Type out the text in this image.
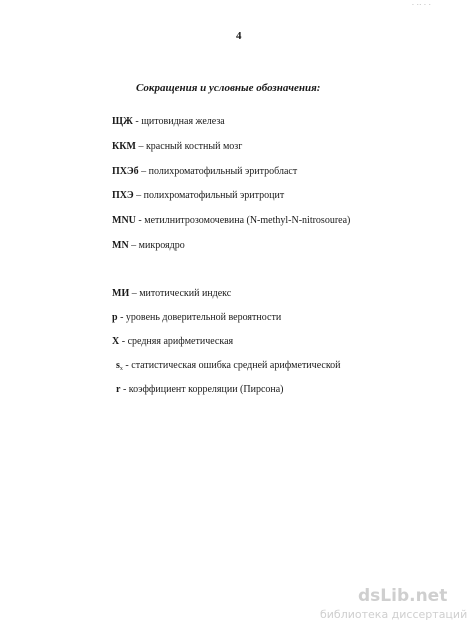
· ·· · ·
4
Сокращения и условные обозначения:
ЩЖ - щитовидная железа
ККМ – красный костный мозг
ПХЭб – полихроматофильный эритробласт
ПХЭ – полихроматофильный эритроцит
MNU - метилнитрозомочевина (N-methyl-N-nitrosourea)
MN – микроядро
МИ – митотический индекс
p - уровень доверительной вероятности
X - средняя арифметическая
$s_x$ - статистическая ошибка средней арифметической
r - коэффициент корреляции (Пирсона)
dsLib.net
библиотека диссертаций
